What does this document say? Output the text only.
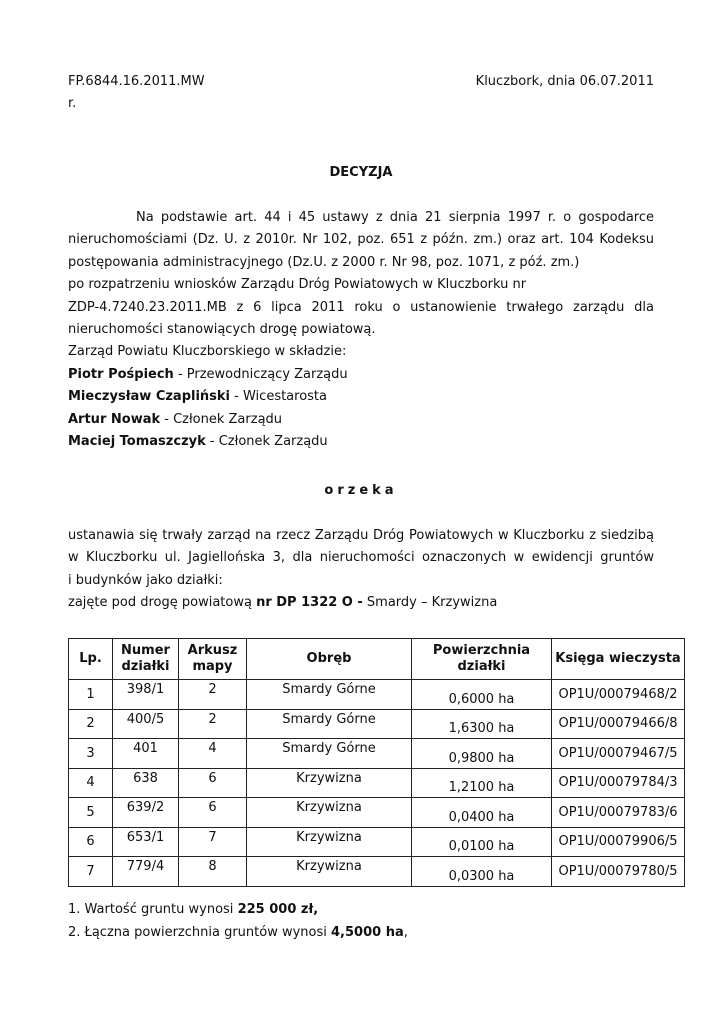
FP.6844.16.2011.MW	Kluczbork, dnia 06.07.2011
r.
DECYZJA
Na podstawie art. 44 i 45 ustawy z dnia 21 sierpnia 1997 r. o gospodarce
nieruchomościami (Dz. U. z 2010r. Nr 102, poz. 651 z późn. zm.) oraz art. 104 Kodeksu
postępowania administracyjnego (Dz.U. z 2000 r. Nr 98, poz. 1071, z póź. zm.)
po rozpatrzeniu wniosków Zarządu Dróg Powiatowych w Kluczborku nr
ZDP-4.7240.23.2011.MB z 6 lipca 2011 roku o ustanowienie trwałego zarządu dla
nieruchomości stanowiących drogę powiatową.
Zarząd Powiatu Kluczborskiego w składzie:
Piotr Pośpiech - Przewodniczący Zarządu
Mieczysław Czapliński - Wicestarosta
Artur Nowak - Członek Zarządu
Maciej Tomaszczyk - Członek Zarządu
orzeka
ustanawia się trwały zarząd na rzecz Zarządu Dróg Powiatowych w Kluczborku z siedzibą
w Kluczborku ul. Jagiellońska 3, dla nieruchomości oznaczonych w ewidencji gruntów
i budynków jako działki:
zajęte pod drogę powiatową nr DP 1322 O - Smardy – Krzywizna
Lp.	Numer działki	Arkusz mapy	Obręb	Powierzchnia działki	Księga wieczysta
1	398/1	2	Smardy Górne	0,6000 ha	OP1U/00079468/2
2	400/5	2	Smardy Górne	1,6300 ha	OP1U/00079466/8
3	401	4	Smardy Górne	0,9800 ha	OP1U/00079467/5
4	638	6	Krzywizna	1,2100 ha	OP1U/00079784/3
5	639/2	6	Krzywizna	0,0400 ha	OP1U/00079783/6
6	653/1	7	Krzywizna	0,0100 ha	OP1U/00079906/5
7	779/4	8	Krzywizna	0,0300 ha	OP1U/00079780/5
1. Wartość gruntu wynosi 225 000 zł,
2. Łączna powierzchnia gruntów wynosi 4,5000 ha,
